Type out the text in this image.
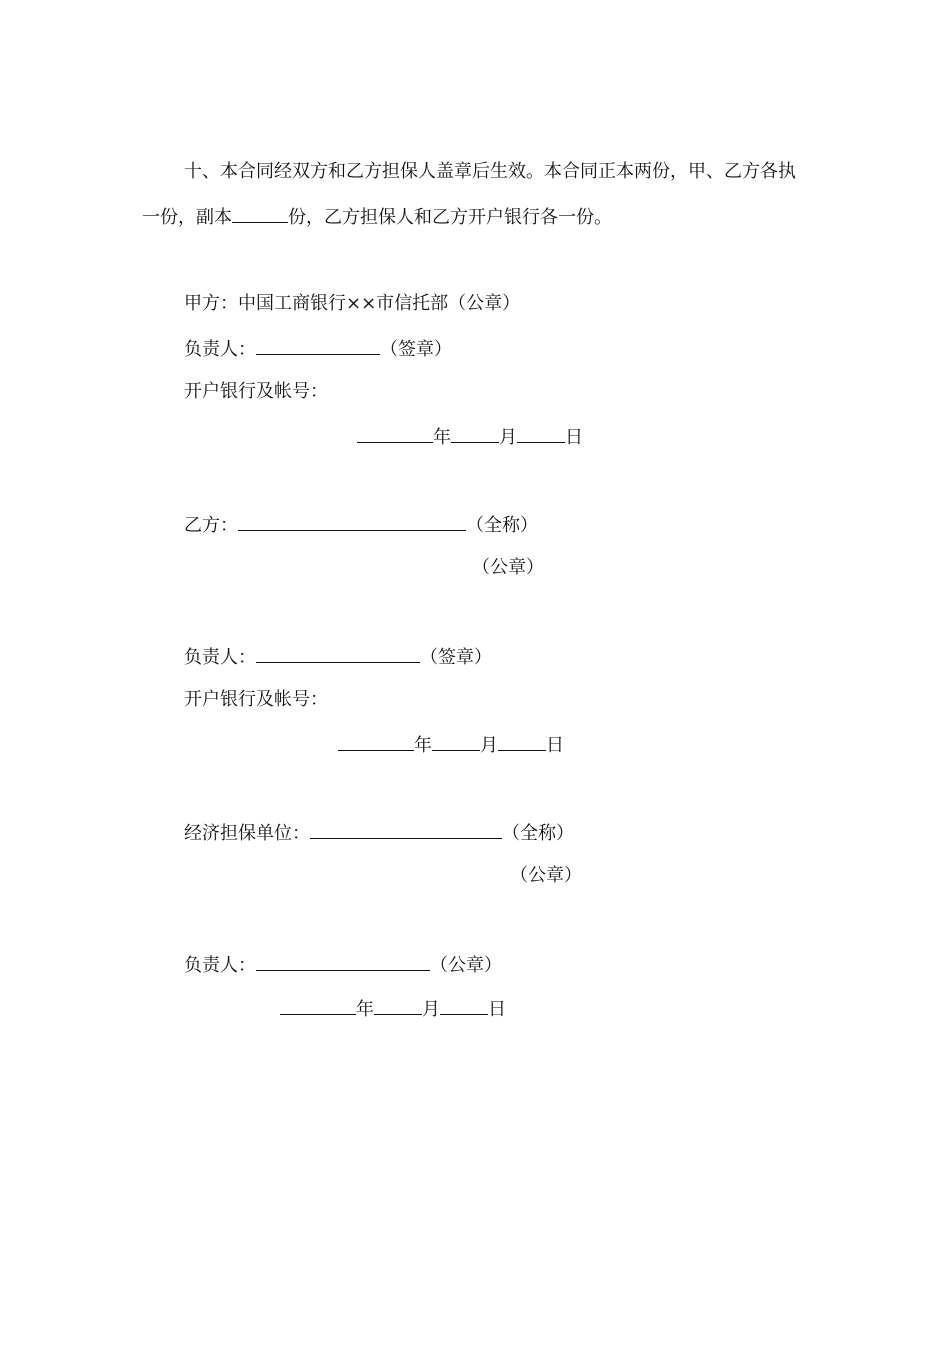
十、本合同经双方和乙方担保人盖章后生效。本合同正本两份，甲、乙方各执
一份，副本	份，乙方担保人和乙方开户银行各一份。
甲方：中国工商银行××市信托部（公章）
负责人：	（签章）
开户银行及帐号：
年	月	日
乙方：	（全称）
（公章）
负责人：	（签章）
开户银行及帐号：
年	月	日
经济担保单位：	（全称）
（公章）
负责人：	（公章）
年	月	日
